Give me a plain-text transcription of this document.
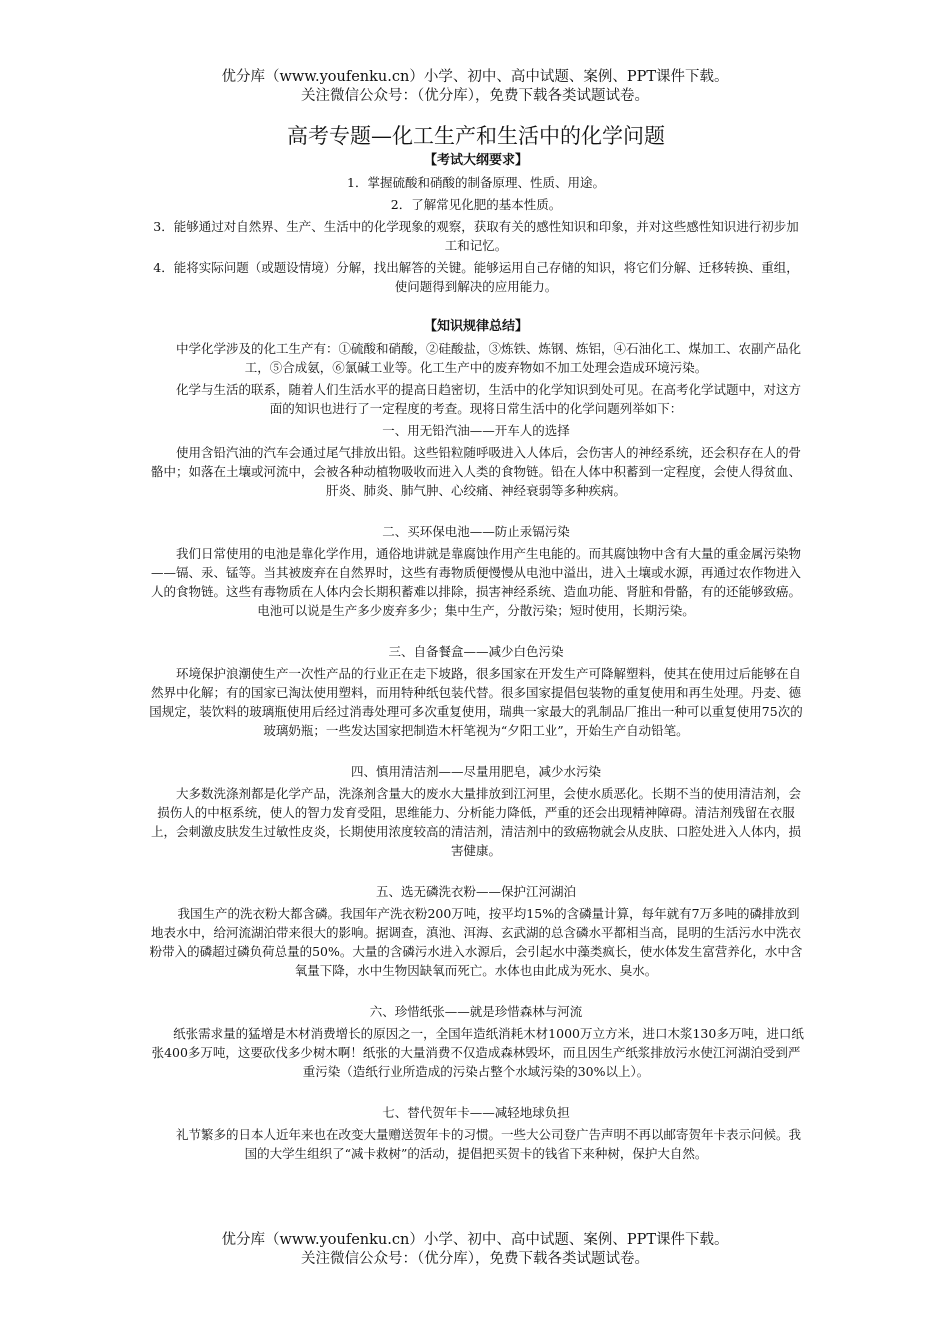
优分库（www.youfenku.cn）小学、初中、高中试题、案例、PPT课件下载。
关注微信公众号：（优分库），免费下载各类试题试卷。
高考专题—化工生产和生活中的化学问题
【考试大纲要求】
1．掌握硫酸和硝酸的制备原理、性质、用途。
2．了解常见化肥的基本性质。
3．能够通过对自然界、生产、生活中的化学现象的观察，获取有关的感性知识和印象，并对这些感性知识进行初步加工和记忆。
4．能将实际问题（或题设情境）分解，找出解答的关键。能够运用自己存储的知识，将它们分解、迁移转换、重组，使问题得到解决的应用能力。
【知识规律总结】
中学化学涉及的化工生产有：①硫酸和硝酸，②硅酸盐，③炼铁、炼钢、炼铝，④石油化工、煤加工、农副产品化工，⑤合成氨，⑥氯碱工业等。化工生产中的废弃物如不加工处理会造成环境污染。
化学与生活的联系，随着人们生活水平的提高日趋密切，生活中的化学知识到处可见。在高考化学试题中，对这方面的知识也进行了一定程度的考查。现将日常生活中的化学问题列举如下：
一、用无铅汽油——开车人的选择
使用含铅汽油的汽车会通过尾气排放出铅。这些铅粒随呼吸进入人体后，会伤害人的神经系统，还会积存在人的骨骼中；如落在土壤或河流中，会被各种动植物吸收而进入人类的食物链。铅在人体中积蓄到一定程度，会使人得贫血、肝炎、肺炎、肺气肿、心绞痛、神经衰弱等多种疾病。
二、买环保电池——防止汞镉污染
我们日常使用的电池是靠化学作用，通俗地讲就是靠腐蚀作用产生电能的。而其腐蚀物中含有大量的重金属污染物——镉、汞、锰等。当其被废弃在自然界时，这些有毒物质便慢慢从电池中溢出，进入土壤或水源，再通过农作物进入人的食物链。这些有毒物质在人体内会长期积蓄难以排除，损害神经系统、造血功能、肾脏和骨骼，有的还能够致癌。电池可以说是生产多少废弃多少；集中生产，分散污染；短时使用，长期污染。
三、自备餐盒——减少白色污染
环境保护浪潮使生产一次性产品的行业正在走下坡路，很多国家在开发生产可降解塑料，使其在使用过后能够在自然界中化解；有的国家已淘汰使用塑料，而用特种纸包装代替。很多国家提倡包装物的重复使用和再生处理。丹麦、德国规定，装饮料的玻璃瓶使用后经过消毒处理可多次重复使用，瑞典一家最大的乳制品厂推出一种可以重复使用75次的玻璃奶瓶；一些发达国家把制造木杆笔视为“夕阳工业”，开始生产自动铅笔。
四、慎用清洁剂——尽量用肥皂，减少水污染
大多数洗涤剂都是化学产品，洗涤剂含量大的废水大量排放到江河里，会使水质恶化。长期不当的使用清洁剂，会损伤人的中枢系统，使人的智力发育受阻，思维能力、分析能力降低，严重的还会出现精神障碍。清洁剂残留在衣服上，会刺激皮肤发生过敏性皮炎，长期使用浓度较高的清洁剂，清洁剂中的致癌物就会从皮肤、口腔处进入人体内，损害健康。
五、选无磷洗衣粉——保护江河湖泊
我国生产的洗衣粉大都含磷。我国年产洗衣粉200万吨，按平均15%的含磷量计算，每年就有7万多吨的磷排放到地表水中，给河流湖泊带来很大的影响。据调查，滇池、洱海、玄武湖的总含磷水平都相当高，昆明的生活污水中洗衣粉带入的磷超过磷负荷总量的50%。大量的含磷污水进入水源后，会引起水中藻类疯长，使水体发生富营养化，水中含氧量下降，水中生物因缺氧而死亡。水体也由此成为死水、臭水。
六、珍惜纸张——就是珍惜森林与河流
纸张需求量的猛增是木材消费增长的原因之一，全国年造纸消耗木材1000万立方米，进口木浆130多万吨，进口纸张400多万吨，这要砍伐多少树木啊！纸张的大量消费不仅造成森林毁坏，而且因生产纸浆排放污水使江河湖泊受到严重污染（造纸行业所造成的污染占整个水域污染的30%以上）。
七、替代贺年卡——减轻地球负担
礼节繁多的日本人近年来也在改变大量赠送贺年卡的习惯。一些大公司登广告声明不再以邮寄贺年卡表示问候。我国的大学生组织了“减卡救树”的活动，提倡把买贺卡的钱省下来种树，保护大自然。
优分库（www.youfenku.cn）小学、初中、高中试题、案例、PPT课件下载。
关注微信公众号：（优分库），免费下载各类试题试卷。
